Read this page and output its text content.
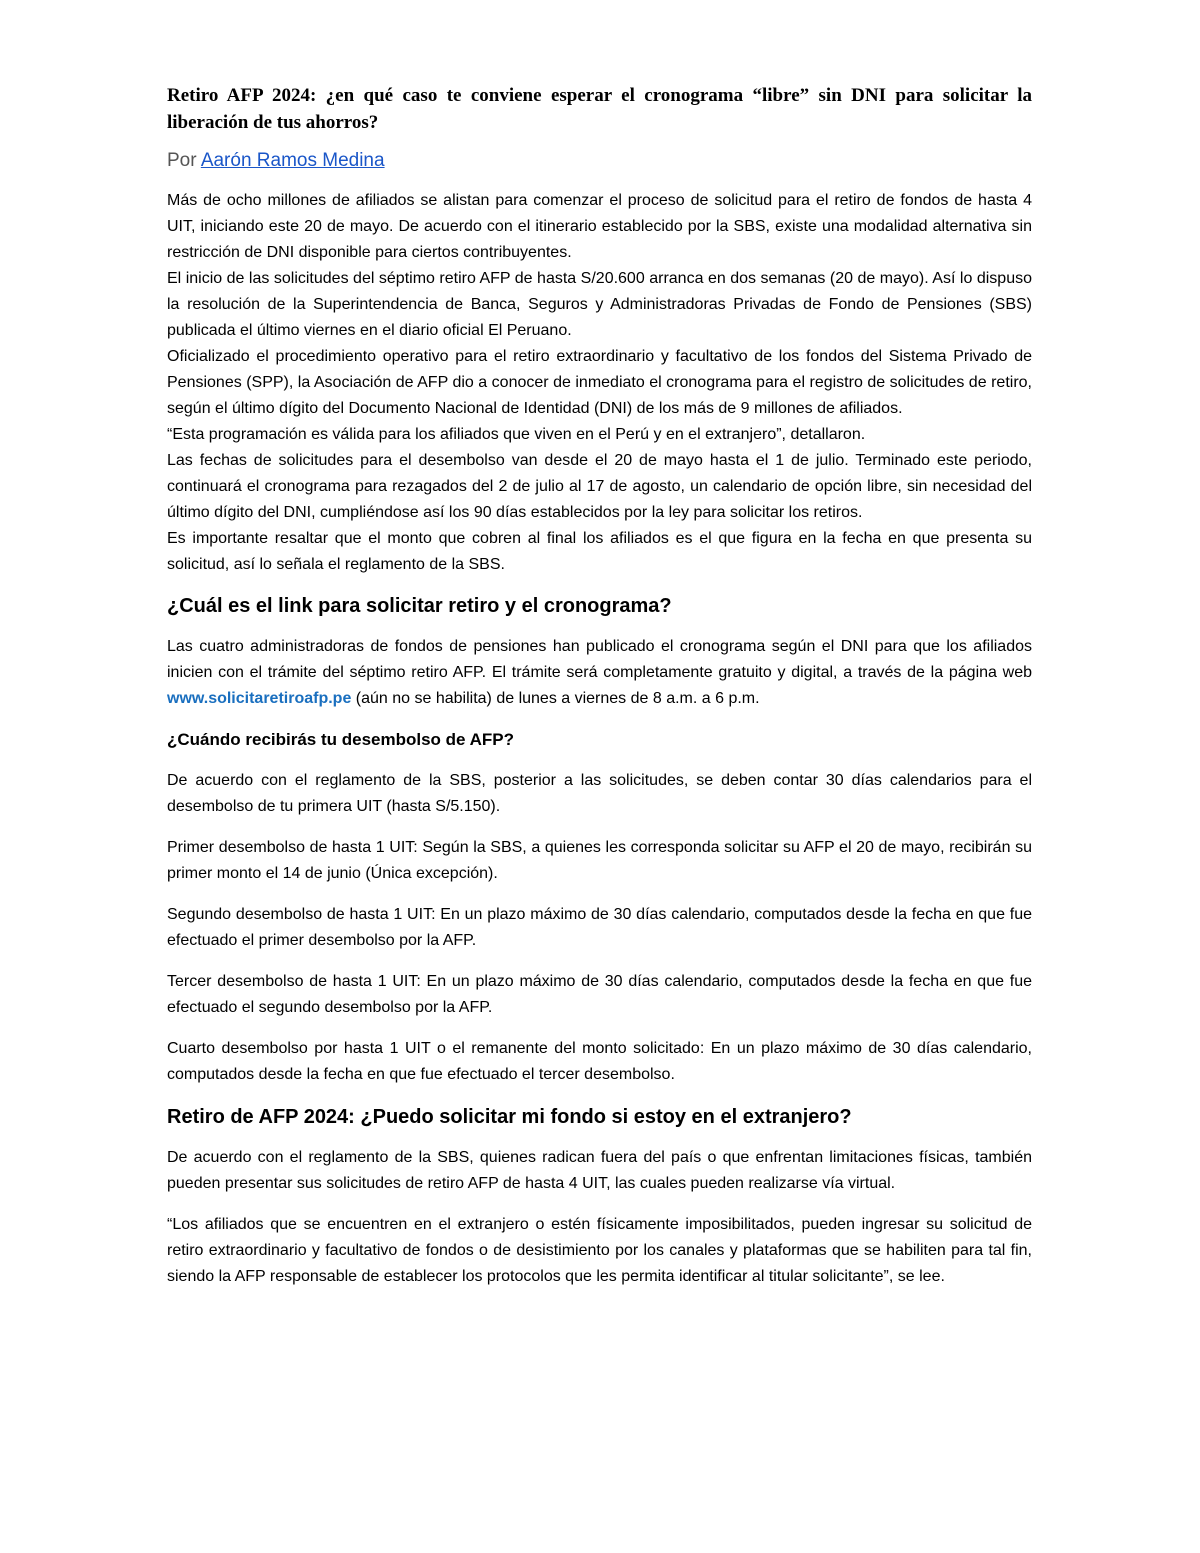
Retiro AFP 2024: ¿en qué caso te conviene esperar el cronograma “libre” sin DNI para solicitar la liberación de tus ahorros?

Por Aarón Ramos Medina

Más de ocho millones de afiliados se alistan para comenzar el proceso de solicitud para el retiro de fondos de hasta 4 UIT, iniciando este 20 de mayo. De acuerdo con el itinerario establecido por la SBS, existe una modalidad alternativa sin restricción de DNI disponible para ciertos contribuyentes.

El inicio de las solicitudes del séptimo retiro AFP de hasta S/20.600 arranca en dos semanas (20 de mayo). Así lo dispuso la resolución de la Superintendencia de Banca, Seguros y Administradoras Privadas de Fondo de Pensiones (SBS) publicada el último viernes en el diario oficial El Peruano.

Oficializado el procedimiento operativo para el retiro extraordinario y facultativo de los fondos del Sistema Privado de Pensiones (SPP), la Asociación de AFP dio a conocer de inmediato el cronograma para el registro de solicitudes de retiro, según el último dígito del Documento Nacional de Identidad (DNI) de los más de 9 millones de afiliados.

“Esta programación es válida para los afiliados que viven en el Perú y en el extranjero”, detallaron.

Las fechas de solicitudes para el desembolso van desde el 20 de mayo hasta el 1 de julio. Terminado este periodo, continuará el cronograma para rezagados del 2 de julio al 17 de agosto, un calendario de opción libre, sin necesidad del último dígito del DNI, cumpliéndose así los 90 días establecidos por la ley para solicitar los retiros.

Es importante resaltar que el monto que cobren al final los afiliados es el que figura en la fecha en que presenta su solicitud, así lo señala el reglamento de la SBS.

¿Cuál es el link para solicitar retiro y el cronograma?

Las cuatro administradoras de fondos de pensiones han publicado el cronograma según el DNI para que los afiliados inicien con el trámite del séptimo retiro AFP. El trámite será completamente gratuito y digital, a través de la página web www.solicitaretiroafp.pe (aún no se habilita) de lunes a viernes de 8 a.m. a 6 p.m.

¿Cuándo recibirás tu desembolso de AFP?

De acuerdo con el reglamento de la SBS, posterior a las solicitudes, se deben contar 30 días calendarios para el desembolso de tu primera UIT (hasta S/5.150).

Primer desembolso de hasta 1 UIT: Según la SBS, a quienes les corresponda solicitar su AFP el 20 de mayo, recibirán su primer monto el 14 de junio (Única excepción).

Segundo desembolso de hasta 1 UIT: En un plazo máximo de 30 días calendario, computados desde la fecha en que fue efectuado el primer desembolso por la AFP.

Tercer desembolso de hasta 1 UIT: En un plazo máximo de 30 días calendario, computados desde la fecha en que fue efectuado el segundo desembolso por la AFP.

Cuarto desembolso por hasta 1 UIT o el remanente del monto solicitado: En un plazo máximo de 30 días calendario, computados desde la fecha en que fue efectuado el tercer desembolso.

Retiro de AFP 2024: ¿Puedo solicitar mi fondo si estoy en el extranjero?

De acuerdo con el reglamento de la SBS, quienes radican fuera del país o que enfrentan limitaciones físicas, también pueden presentar sus solicitudes de retiro AFP de hasta 4 UIT, las cuales pueden realizarse vía virtual.

“Los afiliados que se encuentren en el extranjero o estén físicamente imposibilitados, pueden ingresar su solicitud de retiro extraordinario y facultativo de fondos o de desistimiento por los canales y plataformas que se habiliten para tal fin, siendo la AFP responsable de establecer los protocolos que les permita identificar al titular solicitante”, se lee.
